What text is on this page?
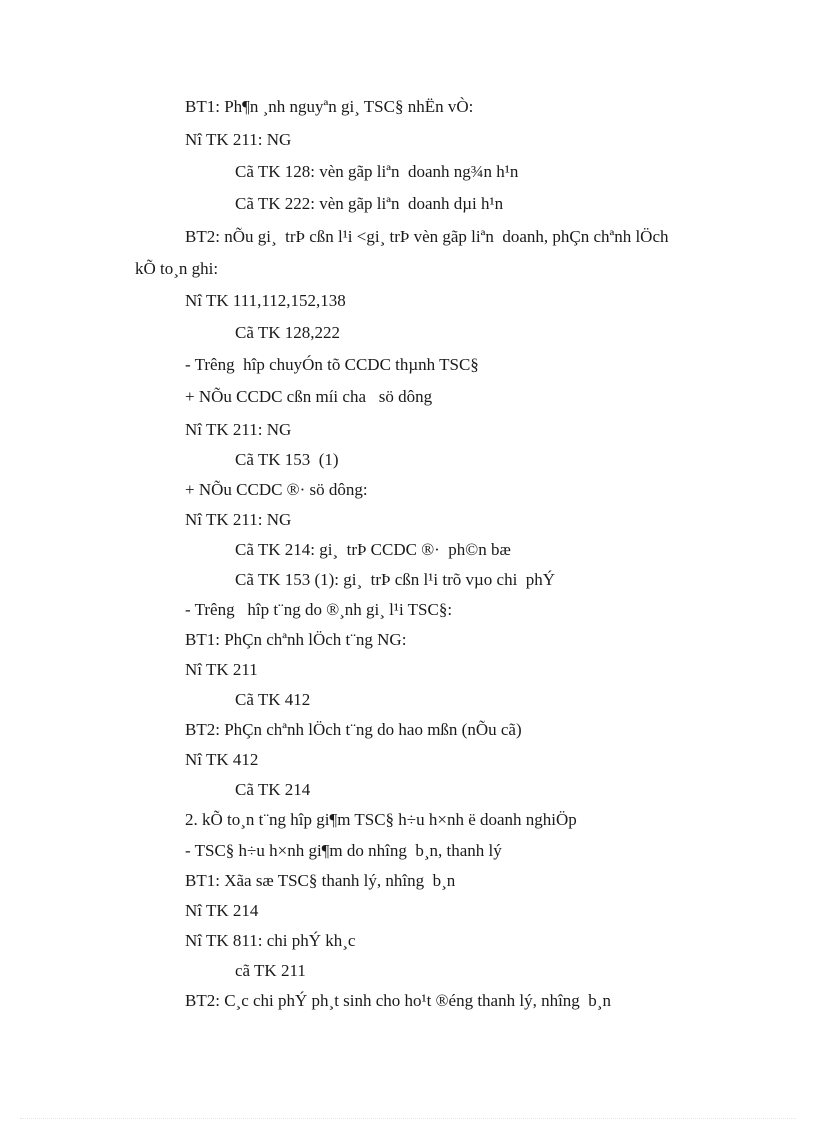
BT1: Ph¶n ¸nh nguyªn gi¸ TSC§ nhËn vÒ:
Nî TK 211: NG
Cã TK 128: vèn gãp liªn  doanh ng¾n h¹n
Cã TK 222: vèn gãp liªn  doanh dµi h¹n
BT2: nÕu gi¸  trÞ cßn l¹i <gi¸ trÞ vèn gãp liªn  doanh, phÇn chªnh lÖch
kÕ to¸n ghi:
Nî TK 111,112,152,138
Cã TK 128,222
- Trêng  hîp chuyÓn tõ CCDC thµnh TSC§
+ NÕu CCDC cßn míi cha   sö dông
Nî TK 211: NG
Cã TK 153  (1)
+ NÕu CCDC ®· sö dông:
Nî TK 211: NG
Cã TK 214: gi¸  trÞ CCDC ®·  ph©n bæ
Cã TK 153 (1): gi¸  trÞ cßn l¹i trõ vµo chi  phÝ
- Trêng   hîp t¨ng do ®¸nh gi¸ l¹i TSC§:
BT1: PhÇn chªnh lÖch t¨ng NG:
Nî TK 211
Cã TK 412
BT2: PhÇn chªnh lÖch t¨ng do hao mßn (nÕu cã)
Nî TK 412
Cã TK 214
2. kÕ to¸n t¨ng hîp gi¶m TSC§ h÷u h×nh ë doanh nghiÖp
- TSC§ h÷u h×nh gi¶m do nhîng  b¸n, thanh lý
BT1: Xãa sæ TSC§ thanh lý, nhîng  b¸n
Nî TK 214
Nî TK 811: chi phÝ kh¸c
cã TK 211
BT2: C¸c chi phÝ ph¸t sinh cho ho¹t ®éng thanh lý, nhîng  b¸n
